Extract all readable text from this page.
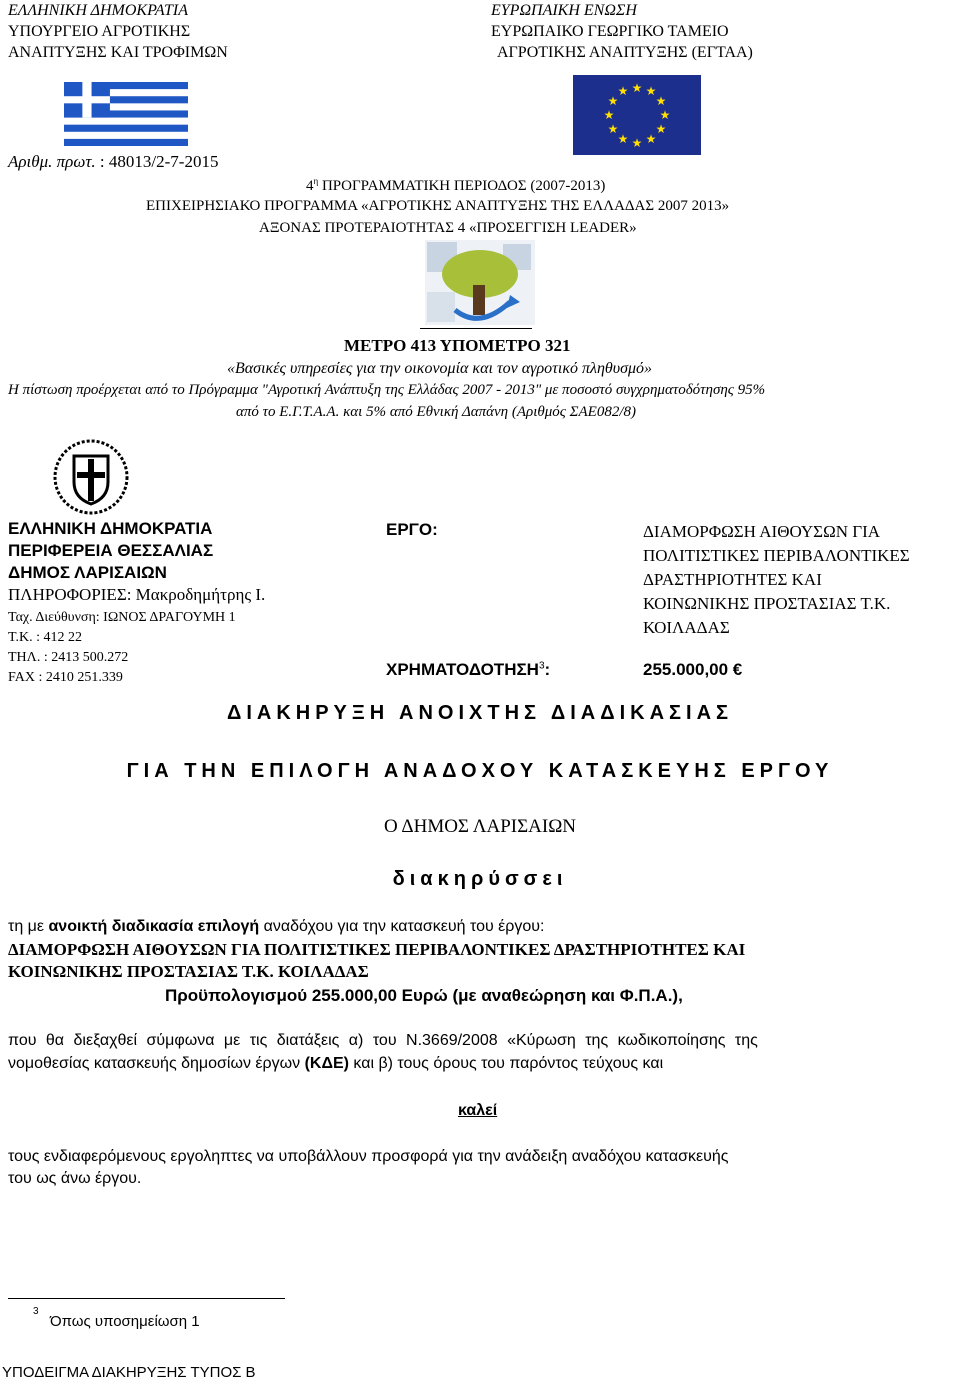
ΕΛΛΗΝΙΚΗ ΔΗΜΟΚΡΑΤΙΑ
ΥΠΟΥΡΓΕΙΟ ΑΓΡΟΤΙΚΗΣ
ΑΝΑΠΤΥΞΗΣ ΚΑΙ ΤΡΟΦΙΜΩΝ
ΕΥΡΩΠΑΙΚΗ ΕΝΩΣΗ
ΕΥΡΩΠΑΙΚΟ ΓΕΩΡΓΙΚΟ ΤΑΜΕΙΟ
ΑΓΡΟΤΙΚΗΣ ΑΝΑΠΤΥΞΗΣ (ΕΓΤΑΑ)
★ ★
★
★
★
★
★
★
★
★
★
★
Αριθμ. πρωτ. : 48013/2-7-2015
$4^\eta$ ΠΡΟΓΡΑΜΜΑΤΙΚΗ ΠΕΡΙΟΔΟΣ (2007-2013)
ΕΠΙΧΕΙΡΗΣΙΑΚΟ ΠΡΟΓΡΑΜΜΑ «ΑΓΡΟΤΙΚΗΣ ΑΝΑΠΤΥΞΗΣ ΤΗΣ ΕΛΛΑΔΑΣ 2007 2013»
ΑΞΟΝΑΣ ΠΡΟΤΕΡΑΙΟΤΗΤΑΣ 4 «ΠΡΟΣΕΓΓΙΣΗ LEADER»
ΜΕΤΡΟ 413 ΥΠΟΜΕΤΡΟ 321
«Βασικές υπηρεσίες για την οικονομία και τον αγροτικό πληθυσμό»
Η πίστωση προέρχεται από το Πρόγραμμα "Αγροτική Ανάπτυξη της Ελλάδας 2007 - 2013" με ποσοστό συγχρηματοδότησης 95%
από το Ε.Γ.Τ.Α.Α. και 5% από Εθνική Δαπάνη (Αριθμός ΣΑΕ082/8)
ΕΛΛΗΝΙΚΗ ΔΗΜΟΚΡΑΤΙΑ
ΠΕΡΙΦΕΡΕΙΑ ΘΕΣΣΑΛΙΑΣ
ΔΗΜΟΣ ΛΑΡΙΣΑΙΩΝ
ΠΛΗΡΟΦΟΡΙΕΣ: Μακροδημήτρης Ι.
Ταχ. Διεύθυνση: ΙΩΝΟΣ ΔΡΑΓΟΥΜΗ 1
Τ.Κ. : 412 22
ΤΗΛ. : 2413 500.272
FAX : 2410 251.339
ΕΡΓΟ:	ΔΙΑΜΟΡΦΩΣΗ ΑΙΘΟΥΣΩΝ ΓΙΑ
ΠΟΛΙΤΙΣΤΙΚΕΣ ΠΕΡΙΒΑΛΟΝΤΙΚΕΣ
ΔΡΑΣΤΗΡΙΟΤΗΤΕΣ ΚΑΙ
ΚΟΙΝΩΝΙΚΗΣ ΠΡΟΣΤΑΣΙΑΣ Τ.Κ.
ΚΟΙΛΑΔΑΣ
ΧΡΗΜΑΤΟΔΟΤΗΣΗ$^3$:	255.000,00 €
ΔΙΑΚΗΡΥΞΗ ΑΝΟΙΧΤΗΣ ΔΙΑΔΙΚΑΣΙΑΣ
ΓΙΑ ΤΗΝ ΕΠΙΛΟΓΗ ΑΝΑΔΟΧΟΥ ΚΑΤΑΣΚΕΥΗΣ ΕΡΓΟΥ
Ο ΔΗΜΟΣ ΛΑΡΙΣΑΙΩΝ
διακηρύσσει
τη με ανοικτή διαδικασία επιλογή αναδόχου για την κατασκευή του έργου:
ΔΙΑΜΟΡΦΩΣΗ ΑΙΘΟΥΣΩΝ ΓΙΑ ΠΟΛΙΤΙΣΤΙΚΕΣ ΠΕΡΙΒΑΛΟΝΤΙΚΕΣ ΔΡΑΣΤΗΡΙΟΤΗΤΕΣ ΚΑΙ
ΚΟΙΝΩΝΙΚΗΣ ΠΡΟΣΤΑΣΙΑΣ Τ.Κ. ΚΟΙΛΑΔΑΣ
Προϋπολογισμού 255.000,00 Ευρώ (με αναθεώρηση και Φ.Π.Α.),
που θα διεξαχθεί σύμφωνα με τις διατάξεις α) του Ν.3669/2008 «Κύρωση της κωδικοποίησης της
νομοθεσίας κατασκευής δημοσίων έργων (ΚΔΕ) και β) τους όρους του παρόντος τεύχους και
καλεί
τους ενδιαφερόμενους εργοληπτες να υποβάλλουν προσφορά για την ανάδειξη αναδόχου κατασκευής
του ως άνω έργου.
3
Όπως υποσημείωση 1
ΥΠΟΔΕΙΓΜΑ ΔΙΑΚΗΡΥΞΗΣ ΤΥΠΟΣ Β
